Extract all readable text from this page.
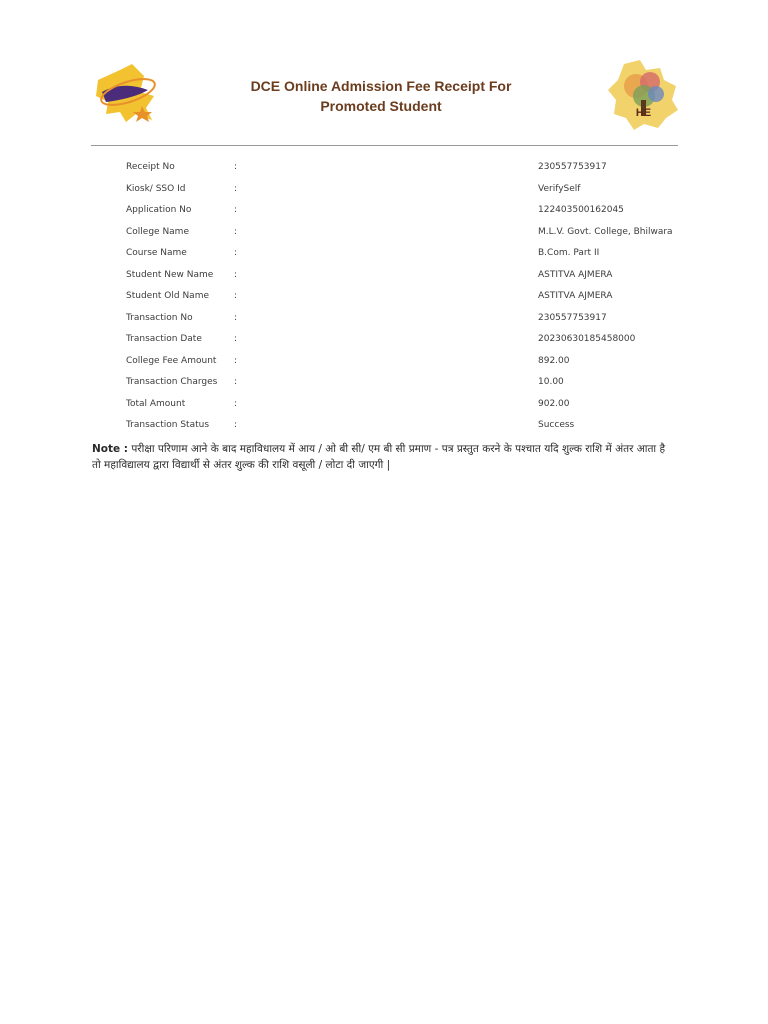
DCE Online Admission Fee Receipt For
Promoted Student	HE
Receipt No	:	230557753917
Kiosk/ SSO Id	:	VerifySelf
Application No	:	122403500162045
College Name	:	M.L.V. Govt. College, Bhilwara
Course Name	:	B.Com. Part II
Student New Name :	ASTITVA AJMERA
Student Old Name	:	ASTITVA AJMERA
Transaction No	:	230557753917
Transaction Date	:	20230630185458000
College Fee Amount :	892.00
Transaction Charges :	10.00
Total Amount	:	902.00
Transaction Status	:	Success
Note : परीक्षा परिणाम आने के बाद महाविधालय में आय / ओ बी सी/ एम बी सी प्रमाण - पत्र प्रस्तुत करने के पश्चात यदि शुल्क राशि में अंतर आता है तो महाविद्यालय द्वारा विद्यार्थी से अंतर शुल्क की राशि वसूली / लोटा दी जाएगी |
